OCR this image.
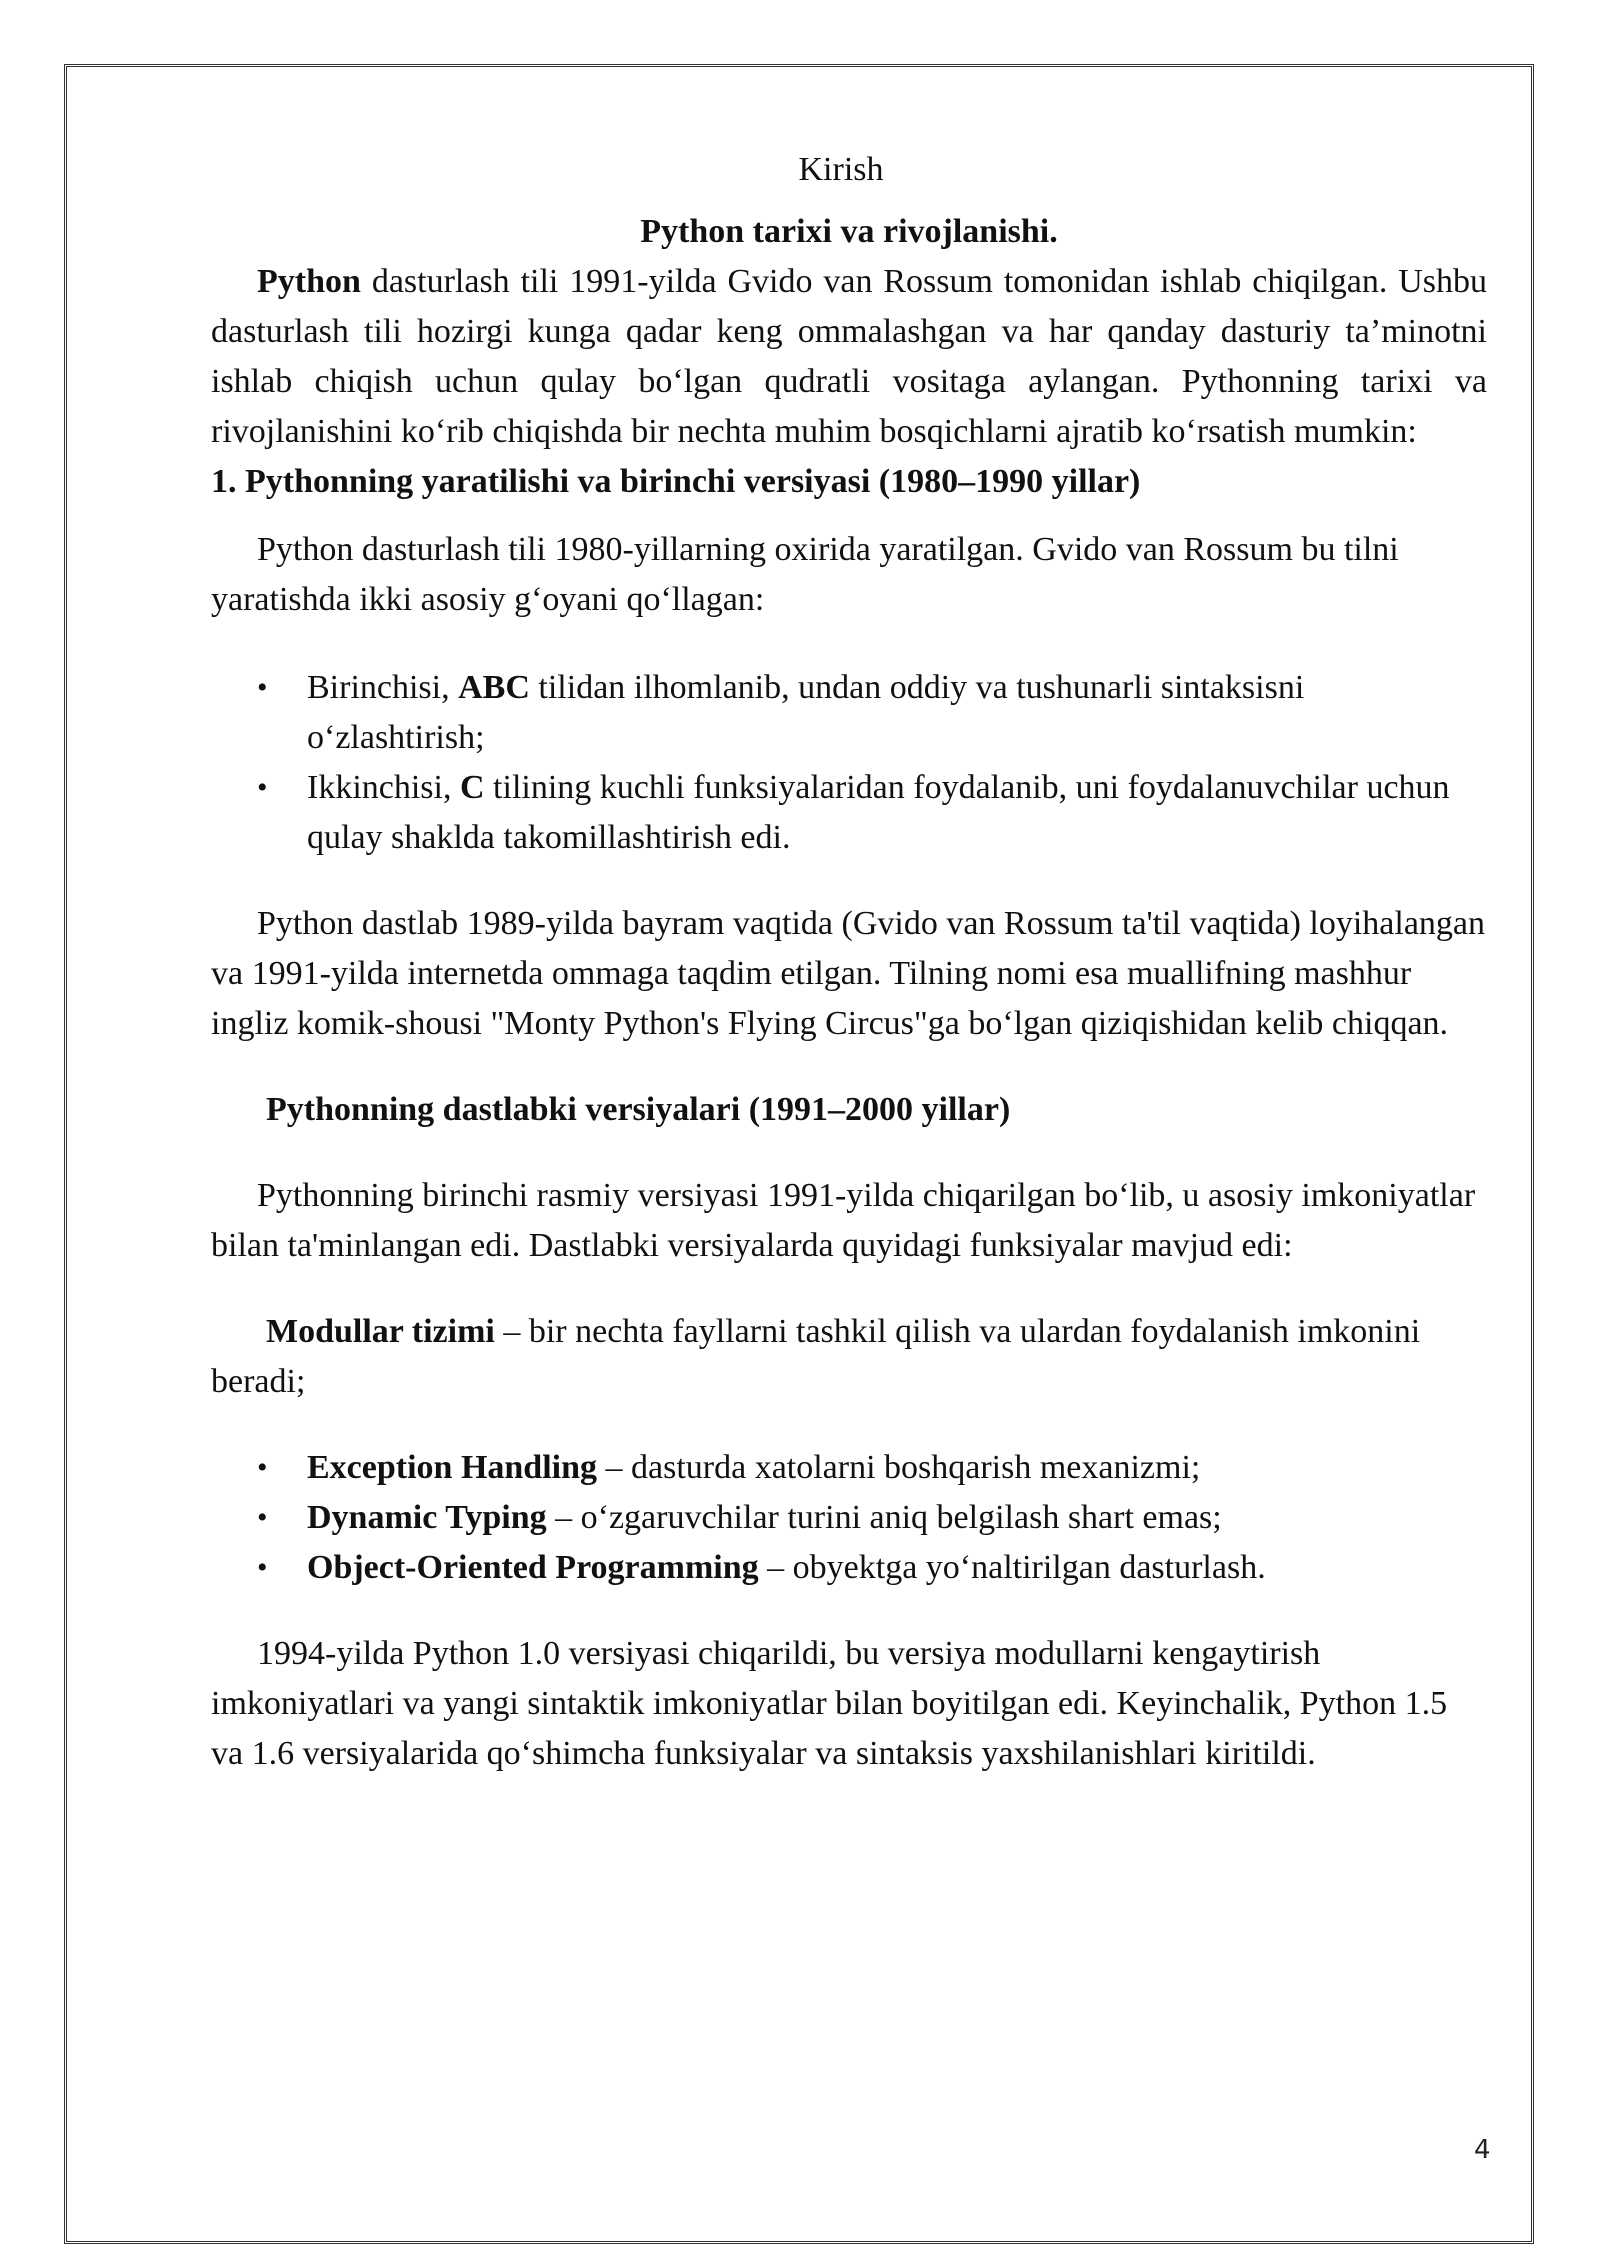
Kirish

Python tarixi va rivojlanishi.

Python dasturlash tili 1991-yilda Gvido van Rossum tomonidan ishlab chiqilgan. Ushbu dasturlash tili hozirgi kunga qadar keng ommalashgan va har qanday dasturiy ta’minotni ishlab chiqish uchun qulay bo‘lgan qudratli vositaga aylangan. Pythonning tarixi va rivojlanishini ko‘rib chiqishda bir nechta muhim bosqichlarni ajratib ko‘rsatish mumkin:

1. Pythonning yaratilishi va birinchi versiyasi (1980–1990 yillar)

Python dasturlash tili 1980-yillarning oxirida yaratilgan. Gvido van Rossum bu tilni yaratishda ikki asosiy g‘oyani qo‘llagan:

• Birinchisi, ABC tilidan ilhomlanib, undan oddiy va tushunarli sintaksisni o‘zlashtirish;
• Ikkinchisi, C tilining kuchli funksiyalaridan foydalanib, uni foydalanuvchilar uchun qulay shaklda takomillashtirish edi.

Python dastlab 1989-yilda bayram vaqtida (Gvido van Rossum ta'til vaqtida) loyihalangan va 1991-yilda internetda ommaga taqdim etilgan. Tilning nomi esa muallifning mashhur ingliz komik-shousi "Monty Python's Flying Circus"ga bo‘lgan qiziqishidan kelib chiqqan.

Pythonning dastlabki versiyalari (1991–2000 yillar)

Pythonning birinchi rasmiy versiyasi 1991-yilda chiqarilgan bo‘lib, u asosiy imkoniyatlar bilan ta'minlangan edi. Dastlabki versiyalarda quyidagi funksiyalar mavjud edi:

Modullar tizimi – bir nechta fayllarni tashkil qilish va ulardan foydalanish imkonini beradi;

• Exception Handling – dasturda xatolarni boshqarish mexanizmi;
• Dynamic Typing – o‘zgaruvchilar turini aniq belgilash shart emas;
• Object-Oriented Programming – obyektga yo‘naltirilgan dasturlash.

1994-yilda Python 1.0 versiyasi chiqarildi, bu versiya modullarni kengaytirish imkoniyatlari va yangi sintaktik imkoniyatlar bilan boyitilgan edi. Keyinchalik, Python 1.5 va 1.6 versiyalarida qo‘shimcha funksiyalar va sintaksis yaxshilanishlari kiritildi.

4
